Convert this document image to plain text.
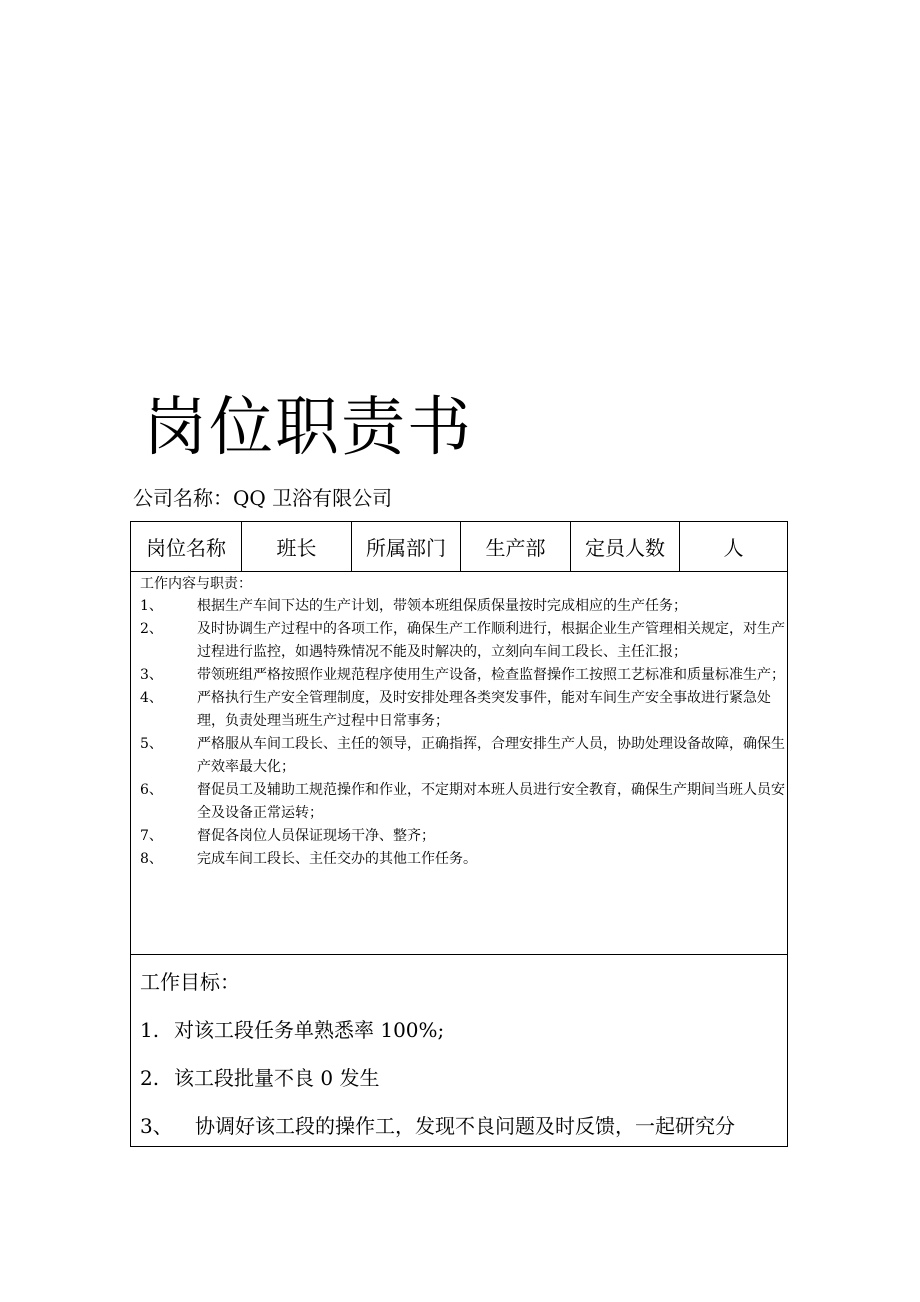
岗位职责书
公司名称：QQ 卫浴有限公司
岗位名称	班长	所属部门	生产部	定员人数	人
工作内容与职责：
1、	根据生产车间下达的生产计划，带领本班组保质保量按时完成相应的生产任务；
2、	及时协调生产过程中的各项工作，确保生产工作顺利进行，根据企业生产管理相关规定，对生产过程进行监控，如遇特殊情况不能及时解决的，立刻向车间工段长、主任汇报；
3、	带领班组严格按照作业规范程序使用生产设备，检查监督操作工按照工艺标准和质量标准生产；
4、	严格执行生产安全管理制度，及时安排处理各类突发事件，能对车间生产安全事故进行紧急处理，负责处理当班生产过程中日常事务；
5、	严格服从车间工段长、主任的领导，正确指挥，合理安排生产人员，协助处理设备故障，确保生产效率最大化；
6、	督促员工及辅助工规范操作和作业，不定期对本班人员进行安全教育，确保生产期间当班人员安全及设备正常运转；
7、	督促各岗位人员保证现场干净、整齐；
8、	完成车间工段长、主任交办的其他工作任务。
工作目标：
1. 对该工段任务单熟悉率 100%;
2. 该工段批量不良 0 发生
3、	协调好该工段的操作工，发现不良问题及时反馈，一起研究分
